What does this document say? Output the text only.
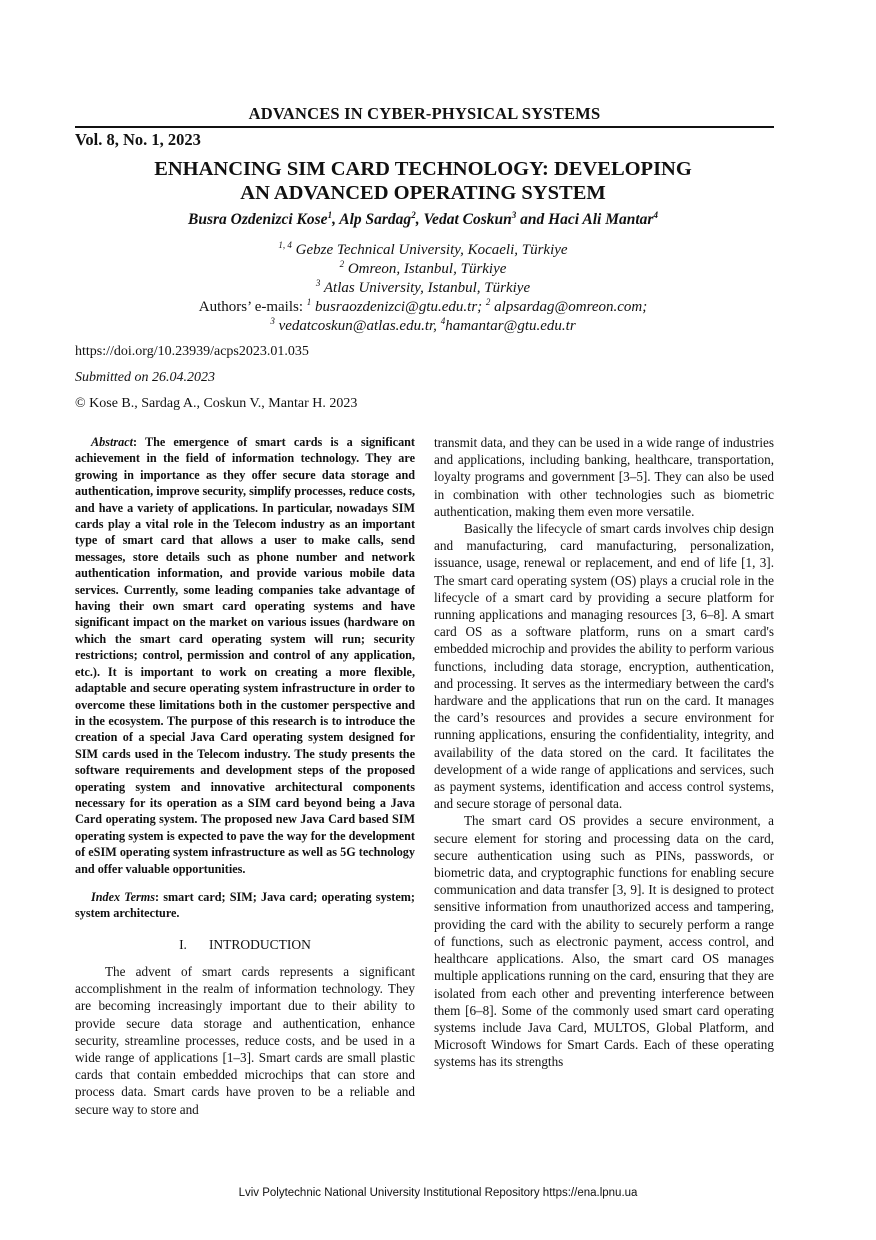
ADVANCES IN CYBER-PHYSICAL SYSTEMS
Vol. 8, No. 1, 2023
ENHANCING SIM CARD TECHNOLOGY: DEVELOPING
AN ADVANCED OPERATING SYSTEM
Busra Ozdenizci Kose$^1$, Alp Sardag$^2$, Vedat Coskun$^3$ and Haci Ali Mantar$^4$
$^{1, 4}$ Gebze Technical University, Kocaeli, Türkiye
$^2$ Omreon, Istanbul, Türkiye
$^3$ Atlas University, Istanbul, Türkiye
Authors’ e-mails: $^1$ busraozdenizci@gtu.edu.tr; $^2$ alpsardag@omreon.com;
$^3$ vedatcoskun@atlas.edu.tr, $^4$hamantar@gtu.edu.tr
https://doi.org/10.23939/acps2023.01.035
Submitted on 26.04.2023
© Kose B., Sardag A., Coskun V., Mantar H. 2023

Abstract: The emergence of smart cards is a significant achievement in the field of information technology. They are growing in importance as they offer secure data storage and authentication, improve security, simplify processes, reduce costs, and have a variety of applications. In particular, nowadays SIM cards play a vital role in the Telecom industry as an important type of smart card that allows a user to make calls, send messages, store details such as phone number and network authentication information, and provide various mobile data services. Currently, some leading companies take advantage of having their own smart card operating systems and have significant impact on the market on various issues (hardware on which the smart card operating system will run; security restrictions; control, permission and control of any application, etc.). It is important to work on creating a more flexible, adaptable and secure operating system infrastructure in order to overcome these limitations both in the customer perspective and in the ecosystem. The purpose of this research is to introduce the creation of a special Java Card operating system designed for SIM cards used in the Telecom industry. The study presents the software requirements and development steps of the proposed operating system and innovative architectural components necessary for its operation as a SIM card beyond being a Java Card operating system. The proposed new Java Card based SIM operating system is expected to pave the way for the development of eSIM operating system infrastructure as well as 5G technology and offer valuable opportunities.

Index Terms: smart card; SIM; Java card; operating system; system architecture.

I. INTRODUCTION

The advent of smart cards represents a significant accomplishment in the realm of information technology. They are becoming increasingly important due to their ability to provide secure data storage and authentication, enhance security, streamline processes, reduce costs, and be used in a wide range of applications [1–3]. Smart cards are small plastic cards that contain embedded microchips that can store and process data. Smart cards have proven to be a reliable and secure way to store and

transmit data, and they can be used in a wide range of industries and applications, including banking, healthcare, transportation, loyalty programs and government [3–5]. They can also be used in combination with other technologies such as biometric authentication, making them even more versatile.

Basically the lifecycle of smart cards involves chip design and manufacturing, card manufacturing, personalization, issuance, usage, renewal or replacement, and end of life [1, 3]. The smart card operating system (OS) plays a crucial role in the lifecycle of a smart card by providing a secure platform for running applications and managing resources [3, 6–8]. A smart card OS as a software platform, runs on a smart card's embedded microchip and provides the ability to perform various functions, including data storage, encryption, authentication, and processing. It serves as the intermediary between the card's hardware and the applications that run on the card. It manages the card’s resources and provides a secure environment for running applications, ensuring the confidentiality, integrity, and availability of the data stored on the card. It facilitates the development of a wide range of applications and services, such as payment systems, identification and access control systems, and secure storage of personal data.

The smart card OS provides a secure environment, a secure element for storing and processing data on the card, secure authentication using such as PINs, passwords, or biometric data, and cryptographic functions for enabling secure communication and data transfer [3, 9]. It is designed to protect sensitive information from unauthorized access and tampering, providing the card with the ability to securely perform a range of functions, such as electronic payment, access control, and healthcare applications. Also, the smart card OS manages multiple applications running on the card, ensuring that they are isolated from each other and preventing interference between them [6–8]. Some of the commonly used smart card operating systems include Java Card, MULTOS, Global Platform, and Microsoft Windows for Smart Cards. Each of these operating systems has its strengths

Lviv Polytechnic National University Institutional Repository https://ena.lpnu.ua
